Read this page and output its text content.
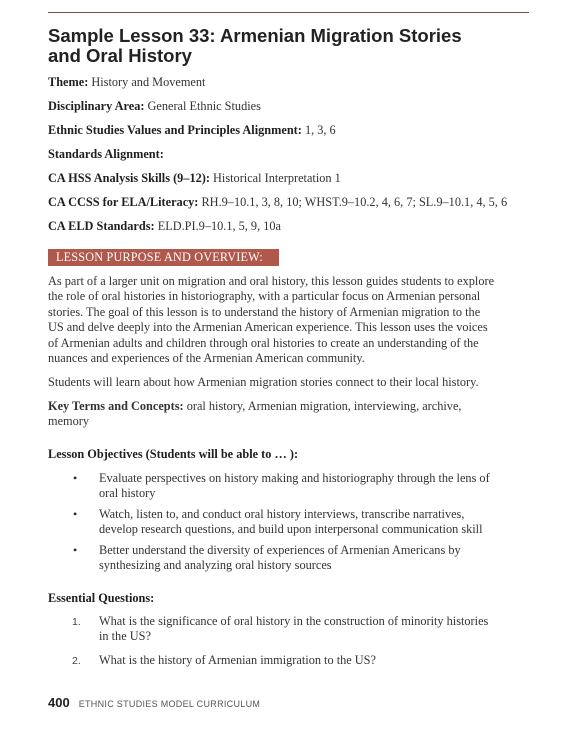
Sample Lesson 33: Armenian Migration Stories
and Oral History
Theme: History and Movement
Disciplinary Area: General Ethnic Studies
Ethnic Studies Values and Principles Alignment: 1, 3, 6
Standards Alignment:
CA HSS Analysis Skills (9–12): Historical Interpretation 1
CA CCSS for ELA/Literacy: RH.9–10.1, 3, 8, 10; WHST.9–10.2, 4, 6, 7; SL.9–10.1, 4, 5, 6
CA ELD Standards: ELD.PI.9–10.1, 5, 9, 10a
LESSON PURPOSE AND OVERVIEW:
As part of a larger unit on migration and oral history, this lesson guides students to explore
the role of oral histories in historiography, with a particular focus on Armenian personal
stories. The goal of this lesson is to understand the history of Armenian migration to the
US and delve deeply into the Armenian American experience. This lesson uses the voices
of Armenian adults and children through oral histories to create an understanding of the
nuances and experiences of the Armenian American community.
Students will learn about how Armenian migration stories connect to their local history.
Key Terms and Concepts: oral history, Armenian migration, interviewing, archive,
memory
Lesson Objectives (Students will be able to … ):
• Evaluate perspectives on history making and historiography through the lens of
oral history
• Watch, listen to, and conduct oral history interviews, transcribe narratives,
develop research questions, and build upon interpersonal communication skill
• Better understand the diversity of experiences of Armenian Americans by
synthesizing and analyzing oral history sources
Essential Questions:
1. What is the significance of oral history in the construction of minority histories
in the US?
2. What is the history of Armenian immigration to the US?
400 ETHNIC STUDIES MODEL CURRICULUM
